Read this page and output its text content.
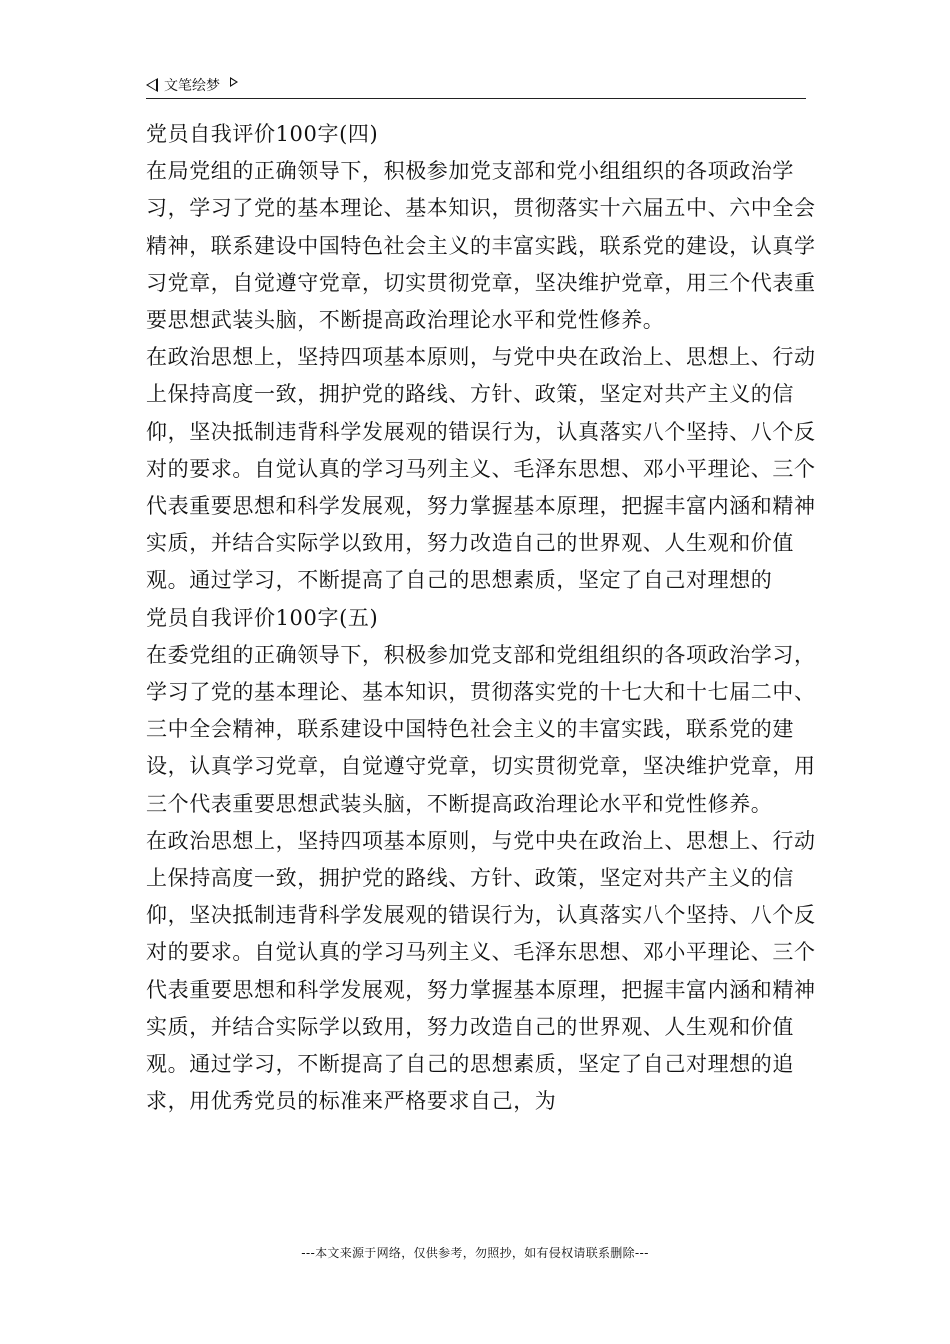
文笔绘梦

党员自我评价100字(四)

在局党组的正确领导下，积极参加党支部和党小组组织的各项政治学习，学习了党的基本理论、基本知识，贯彻落实十六届五中、六中全会精神，联系建设中国特色社会主义的丰富实践，联系党的建设，认真学习党章，自觉遵守党章，切实贯彻党章，坚决维护党章，用三个代表重要思想武装头脑，不断提高政治理论水平和党性修养。

在政治思想上，坚持四项基本原则，与党中央在政治上、思想上、行动上保持高度一致，拥护党的路线、方针、政策，坚定对共产主义的信仰，坚决抵制违背科学发展观的错误行为，认真落实八个坚持、八个反对的要求。自觉认真的学习马列主义、毛泽东思想、邓小平理论、三个代表重要思想和科学发展观，努力掌握基本原理，把握丰富内涵和精神实质，并结合实际学以致用，努力改造自己的世界观、人生观和价值观。通过学习，不断提高了自己的思想素质，坚定了自己对理想的

党员自我评价100字(五)

在委党组的正确领导下，积极参加党支部和党组组织的各项政治学习，学习了党的基本理论、基本知识，贯彻落实党的十七大和十七届二中、三中全会精神，联系建设中国特色社会主义的丰富实践，联系党的建设，认真学习党章，自觉遵守党章，切实贯彻党章，坚决维护党章，用三个代表重要思想武装头脑，不断提高政治理论水平和党性修养。

在政治思想上，坚持四项基本原则，与党中央在政治上、思想上、行动上保持高度一致，拥护党的路线、方针、政策，坚定对共产主义的信仰，坚决抵制违背科学发展观的错误行为，认真落实八个坚持、八个反对的要求。自觉认真的学习马列主义、毛泽东思想、邓小平理论、三个代表重要思想和科学发展观，努力掌握基本原理，把握丰富内涵和精神实质，并结合实际学以致用，努力改造自己的世界观、人生观和价值观。通过学习，不断提高了自己的思想素质，坚定了自己对理想的追求，用优秀党员的标准来严格要求自己，为

---本文来源于网络，仅供参考，勿照抄，如有侵权请联系删除---
